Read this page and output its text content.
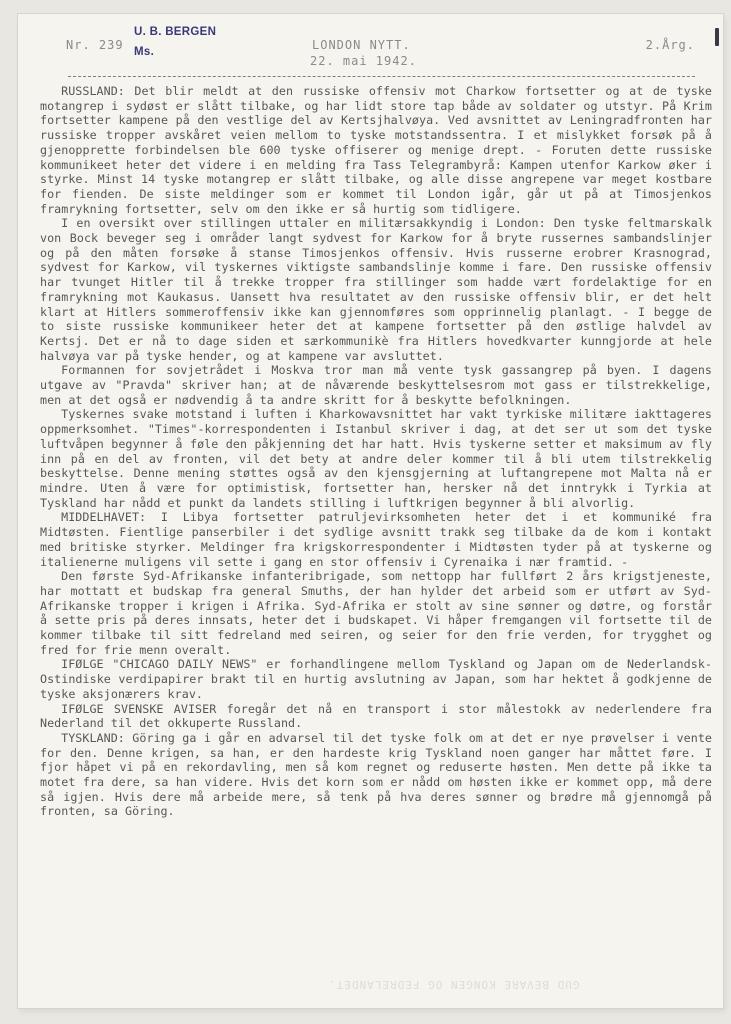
U. B. BERGEN
Ms.
Nr. 239	LONDON NYTT.
22. mai 1942.
2.Årg.

RUSSLAND: Det blir meldt at den russiske offensiv mot Charkow fortsetter og at de tyske motangrep i sydøst er slått tilbake, og har lidt store tap både av soldater og utstyr. På Krim fortsetter kampene på den vestlige del av Kertsjhalvøya. Ved avsnittet av Leningradfronten har russiske tropper avskåret veien mellom to tyske motstandssentra. I et mislykket forsøk på å gjenopprette forbindelsen ble 600 tyske offiserer og menige drept. - Foruten dette russiske kommunikeet heter det videre i en melding fra Tass Telegrambyrå: Kampen utenfor Karkow øker i styrke. Minst 14 tyske motangrep er slått tilbake, og alle disse angrepene var meget kostbare for fienden. De siste meldinger som er kommet til London igår, går ut på at Timosjenkos framrykning fortsetter, selv om den ikke er så hurtig som tidligere.

I en oversikt over stillingen uttaler en militærsakkyndig i London: Den tyske feltmarskalk von Bock beveger seg i områder langt sydvest for Karkow for å bryte russernes sambandslinjer og på den måten forsøke å stanse Timosjenkos offensiv. Hvis russerne erobrer Krasnograd, sydvest for Karkow, vil tyskernes viktigste sambandslinje komme i fare. Den russiske offensiv har tvunget Hitler til å trekke tropper fra stillinger som hadde vært fordelaktige for en framrykning mot Kaukasus. Uansett hva resultatet av den russiske offensiv blir, er det helt klart at Hitlers sommeroffensiv ikke kan gjennomføres som opprinnelig planlagt. - I begge de to siste russiske kommunikeer heter det at kampene fortsetter på den østlige halvdel av Kertsj. Det er nå to dage siden et særkommunikè fra Hitlers hovedkvarter kunngjorde at hele halvøya var på tyske hender, og at kampene var avsluttet.

Formannen for sovjetrådet i Moskva tror man må vente tysk gassangrep på byen. I dagens utgave av "Pravda" skriver han; at de nåværende beskyttelsesrom mot gass er tilstrekkelige, men at det også er nødvendig å ta andre skritt for å beskytte befolkningen.

Tyskernes svake motstand i luften i Kharkowavsnittet har vakt tyrkiske militære iakttageres oppmerksomhet. "Times"-korrespondenten i Istanbul skriver i dag, at det ser ut som det tyske luftvåpen begynner å føle den påkjenning det har hatt. Hvis tyskerne setter et maksimum av fly inn på en del av fronten, vil det bety at andre deler kommer til å bli utem tilstrekkelig beskyttelse. Denne mening støttes også av den kjensgjerning at luftangrepene mot Malta nå er mindre. Uten å være for optimistisk, fortsetter han, hersker nå det inntrykk i Tyrkia at Tyskland har nådd et punkt da landets stilling i luftkrigen begynner å bli alvorlig.

MIDDELHAVET: I Libya fortsetter patruljevirksomheten heter det i et kommuniké fra Midtøsten. Fientlige panserbiler i det sydlige avsnitt trakk seg tilbake da de kom i kontakt med britiske styrker. Meldinger fra krigskorrespondenter i Midtøsten tyder på at tyskerne og italienerne muligens vil sette i gang en stor offensiv i Cyrenaika i nær framtid. -

Den første Syd-Afrikanske infanteribrigade, som nettopp har fullført 2 års krigstjeneste, har mottatt et budskap fra general Smuths, der han hylder det arbeid som er utført av Syd-Afrikanske tropper i krigen i Afrika. Syd-Afrika er stolt av sine sønner og døtre, og forstår å sette pris på deres innsats, heter det i budskapet. Vi håper fremgangen vil fortsette til de kommer tilbake til sitt fedreland med seiren, og seier for den frie verden, for trygghet og fred for frie menn overalt.

IFØLGE "CHICAGO DAILY NEWS" er forhandlingene mellom Tyskland og Japan om de Nederlandsk-Ostindiske verdipapirer brakt til en hurtig avslutning av Japan, som har hektet å godkjenne de tyske aksjonærers krav.

IFØLGE SVENSKE AVISER foregår det nå en transport i stor målestokk av nederlendere fra Nederland til det okkuperte Russland.

TYSKLAND: Göring ga i går en advarsel til det tyske folk om at det er nye prøvelser i vente for den. Denne krigen, sa han, er den hardeste krig Tyskland noen ganger har måttet føre. I fjor håpet vi på en rekordavling, men så kom regnet og reduserte høsten. Men dette på ikke ta motet fra dere, sa han videre. Hvis det korn som er nådd om høsten ikke er kommet opp, må dere så igjen. Hvis dere må arbeide mere, så tenk på hva deres sønner og brødre må gjennomgå på fronten, sa Göring.

GUD BEVARE KONGEN OG FEDRELANDET.
